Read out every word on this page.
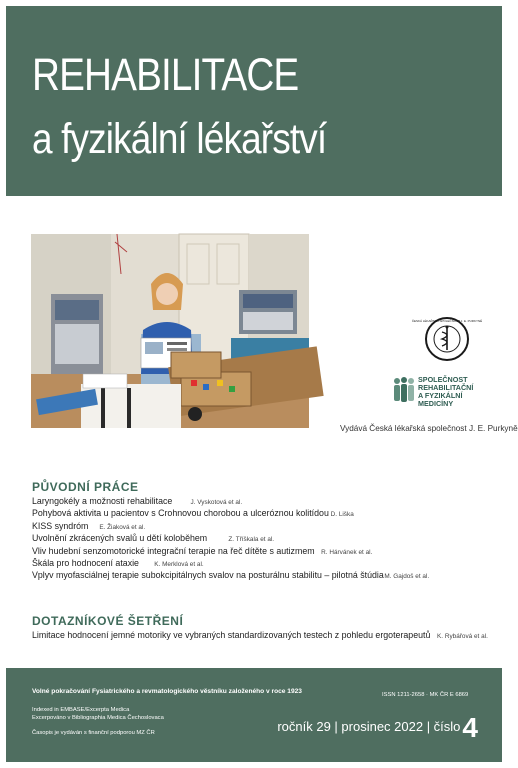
REHABILITACE
a fyzikální lékařství
ČESKÁ LÉKAŘSKÁ SPOLEČNOST J. E. PURKYNĚ
SPOLEČNOST
REHABILITAČNÍ
A FYZIKÁLNÍ
MEDICÍNY
Vydává Česká lékařská společnost J. E. Purkyně
PŮVODNÍ PRÁCE
Laryngokély a možnosti rehabilitace	J. Vyskotová et al.
Pohybová aktivita u pacientov s Crohnovou chorobou a ulceróznou kolitídou D. Liška
KISS syndróm E. Žiaková et al.
Uvolnění zkrácených svalů u dětí koloběhem	Z. Tříškala et al.
Vliv hudební senzomotorické integrační terapie na řeč dítěte s autizmem R. Hárvánek et al.
Škála pro hodnocení ataxie K. Merklová et al.
Vplyv myofasciálnej terapie subokcipitálnych svalov na posturálnu stabilitu – pilotná štúdiaM. Gajdoš et al.
DOTAZNÍKOVÉ ŠETŘENÍ
Limitace hodnocení jemné motoriky ve vybraných standardizovaných testech z pohledu ergoterapeutů K. Rybářová et al.
Volné pokračování Fysiatrického a revmatologického věstníku založeného v roce 1923
Indexed in EMBASE/Excerpta Medica
Excerpováno v Bibliographia Medica Čechoslovaca
Časopis je vydáván s finanční podporou MZ ČR
ISSN 1211-2658 · MK ČR E 6869
ročník 29 | prosinec 2022 | číslo4
